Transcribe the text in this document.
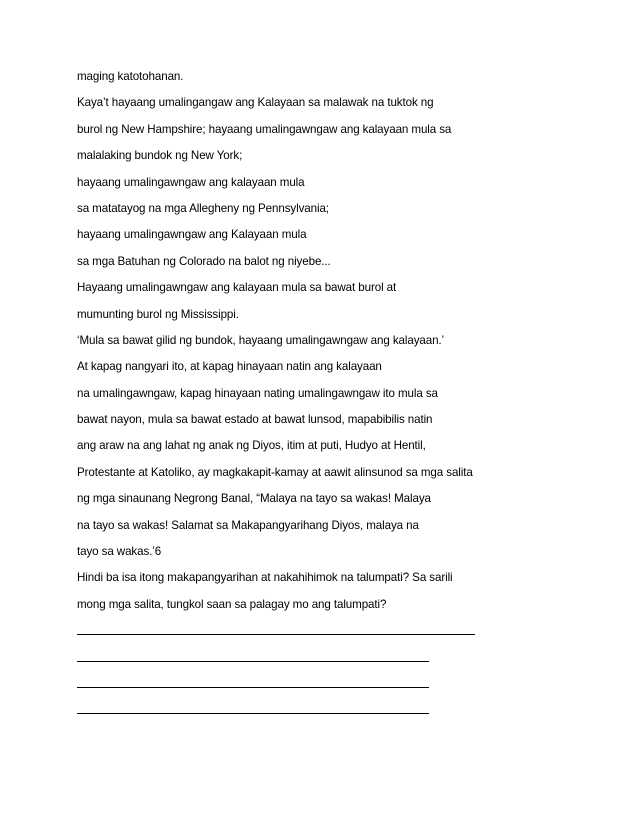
maging katotohanan.
Kaya’t hayaang umalingangaw ang Kalayaan sa malawak na tuktok ng
burol ng New Hampshire; hayaang umalingawngaw ang kalayaan mula sa
malalaking bundok ng New York;
hayaang umalingawngaw ang kalayaan mula
sa matatayog na mga Allegheny ng Pennsylvania;
hayaang umalingawngaw ang Kalayaan mula
sa mga Batuhan ng Colorado na balot ng niyebe...
Hayaang umalingawngaw ang kalayaan mula sa bawat burol at
mumunting burol ng Mississippi.
‘Mula sa bawat gilid ng bundok, hayaang umalingawngaw ang kalayaan.’
At kapag nangyari ito, at kapag hinayaan natin ang kalayaan
na umalingawngaw, kapag hinayaan nating umalingawngaw ito mula sa
bawat nayon, mula sa bawat estado at bawat lunsod, mapabibilis natin
ang araw na ang lahat ng anak ng Diyos, itim at puti, Hudyo at Hentil,
Protestante at Katoliko, ay magkakapit-kamay at aawit alinsunod sa mga salita
ng mga sinaunang Negrong Banal, “Malaya na tayo sa wakas! Malaya
na tayo sa wakas! Salamat sa Makapangyarihang Diyos, malaya na
tayo sa wakas.’6
Hindi ba isa itong makapangyarihan at nakahihimok na talumpati? Sa sarili
mong mga salita, tungkol saan sa palagay mo ang talumpati?
